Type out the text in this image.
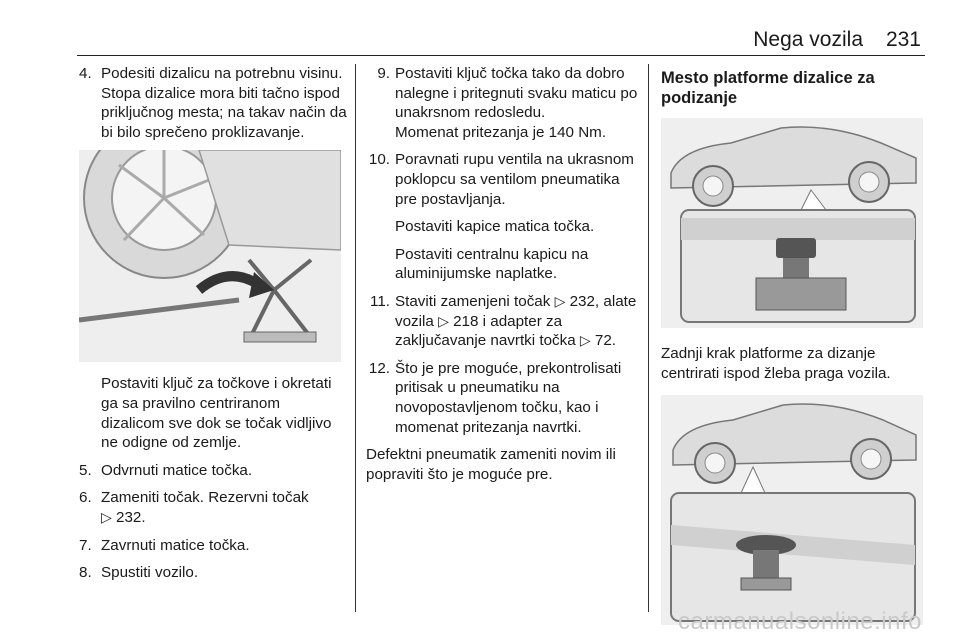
Nega vozila 231
4. Podesiti dizalicu na potrebnu visinu. Stopa dizalice mora biti tačno ispod priključnog mesta; na takav način da bi bilo sprečeno proklizavanje.

Postaviti ključ za točkove i okretati ga sa pravilno centriranom dizalicom sve dok se točak vidljivo ne odigne od zemlje.

5. Odvrnuti matice točka.

6. Zameniti točak. Rezervni točak
▷ 232.

7. Zavrnuti matice točka.

8. Spustiti vozilo.

9. Postaviti ključ točka tako da dobro nalegne i pritegnuti svaku maticu po unakrsnom redosledu.

Momenat pritezanja je 140 Nm.

10. Poravnati rupu ventila na ukrasnom poklopcu sa ventilom pneumatika pre postavljanja.

Postaviti kapice matica točka.

Postaviti centralnu kapicu na aluminijumske naplatke.

11. Staviti zamenjeni točak ▷ 232, alate vozila ▷ 218 i adapter za zaključavanje navrtki točka ▷ 72.

12. Što je pre moguće, prekontrolisati pritisak u pneumatiku na novopostavljenom točku, kao i momenat pritezanja navrtki.

Defektni pneumatik zameniti novim ili popraviti što je moguće pre.

Mesto platforme dizalice za podizanje

Zadnji krak platforme za dizanje centrirati ispod žleba praga vozila.

carmanualsonline.info
